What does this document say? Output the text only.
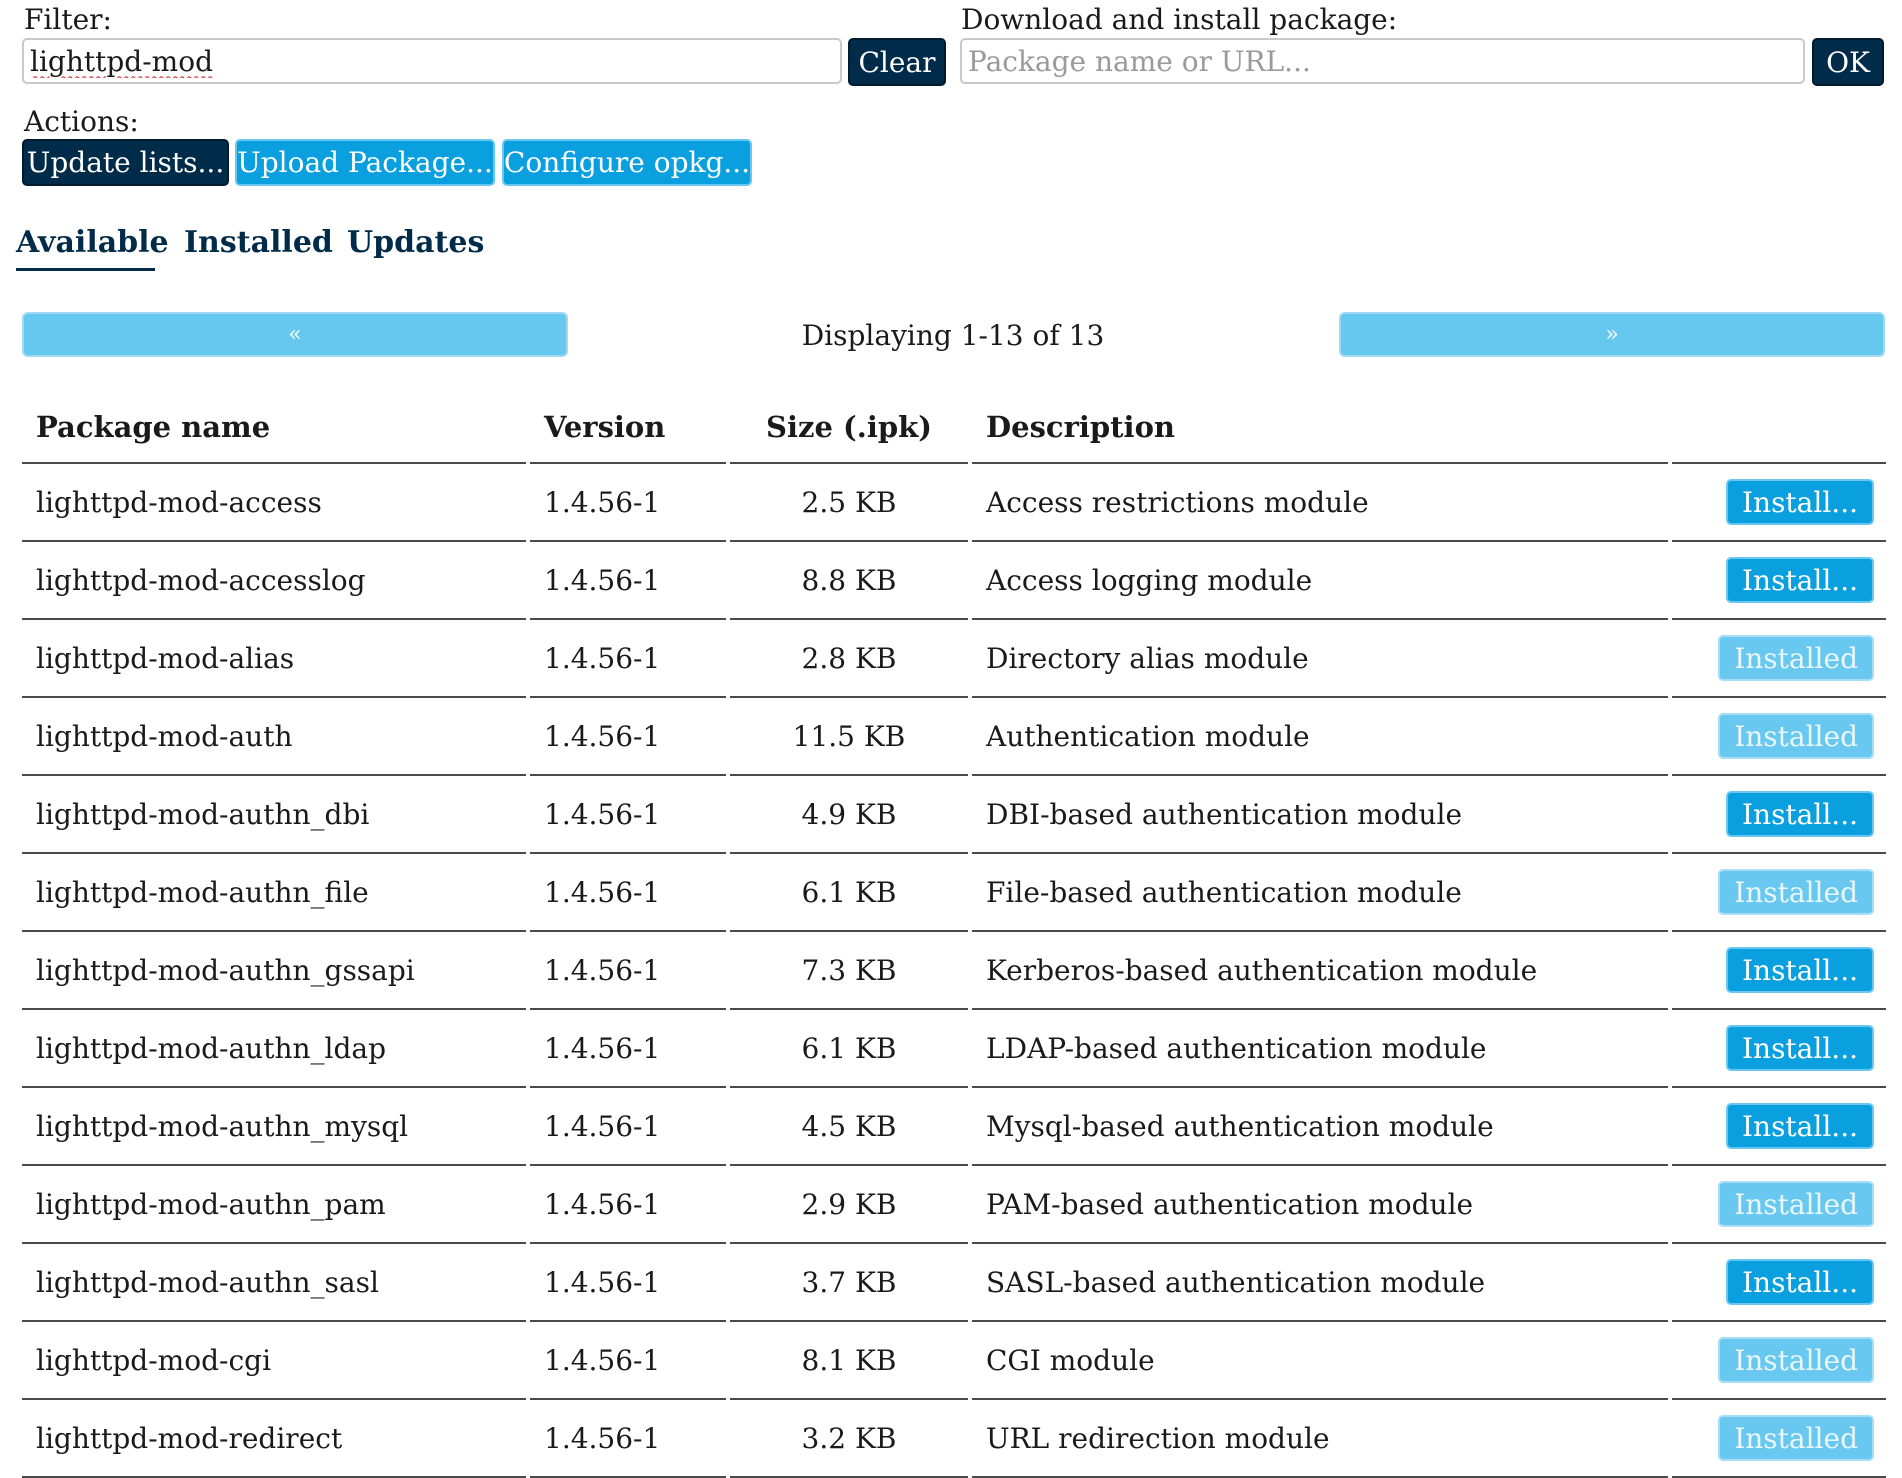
Filter:
lighttpd-mod
Clear
Download and install package:
Package name or URL...
OK
Actions:
Update lists... Upload Package... Configure opkg...
Available Installed Updates
«	Displaying 1-13 of 13	»
Package name	Version	Size (.ipk)	Description	
lighttpd-mod-access	1.4.56-1	2.5 KB	Access restrictions module	Install...
lighttpd-mod-accesslog	1.4.56-1	8.8 KB	Access logging module	Install...
lighttpd-mod-alias	1.4.56-1	2.8 KB	Directory alias module	Installed
lighttpd-mod-auth	1.4.56-1	11.5 KB	Authentication module	Installed
lighttpd-mod-authn_dbi	1.4.56-1	4.9 KB	DBI-based authentication module	Install...
lighttpd-mod-authn_file	1.4.56-1	6.1 KB	File-based authentication module	Installed
lighttpd-mod-authn_gssapi	1.4.56-1	7.3 KB	Kerberos-based authentication module	Install...
lighttpd-mod-authn_ldap	1.4.56-1	6.1 KB	LDAP-based authentication module	Install...
lighttpd-mod-authn_mysql	1.4.56-1	4.5 KB	Mysql-based authentication module	Install...
lighttpd-mod-authn_pam	1.4.56-1	2.9 KB	PAM-based authentication module	Installed
lighttpd-mod-authn_sasl	1.4.56-1	3.7 KB	SASL-based authentication module	Install...
lighttpd-mod-cgi	1.4.56-1	8.1 KB	CGI module	Installed
lighttpd-mod-redirect	1.4.56-1	3.2 KB	URL redirection module	Installed
